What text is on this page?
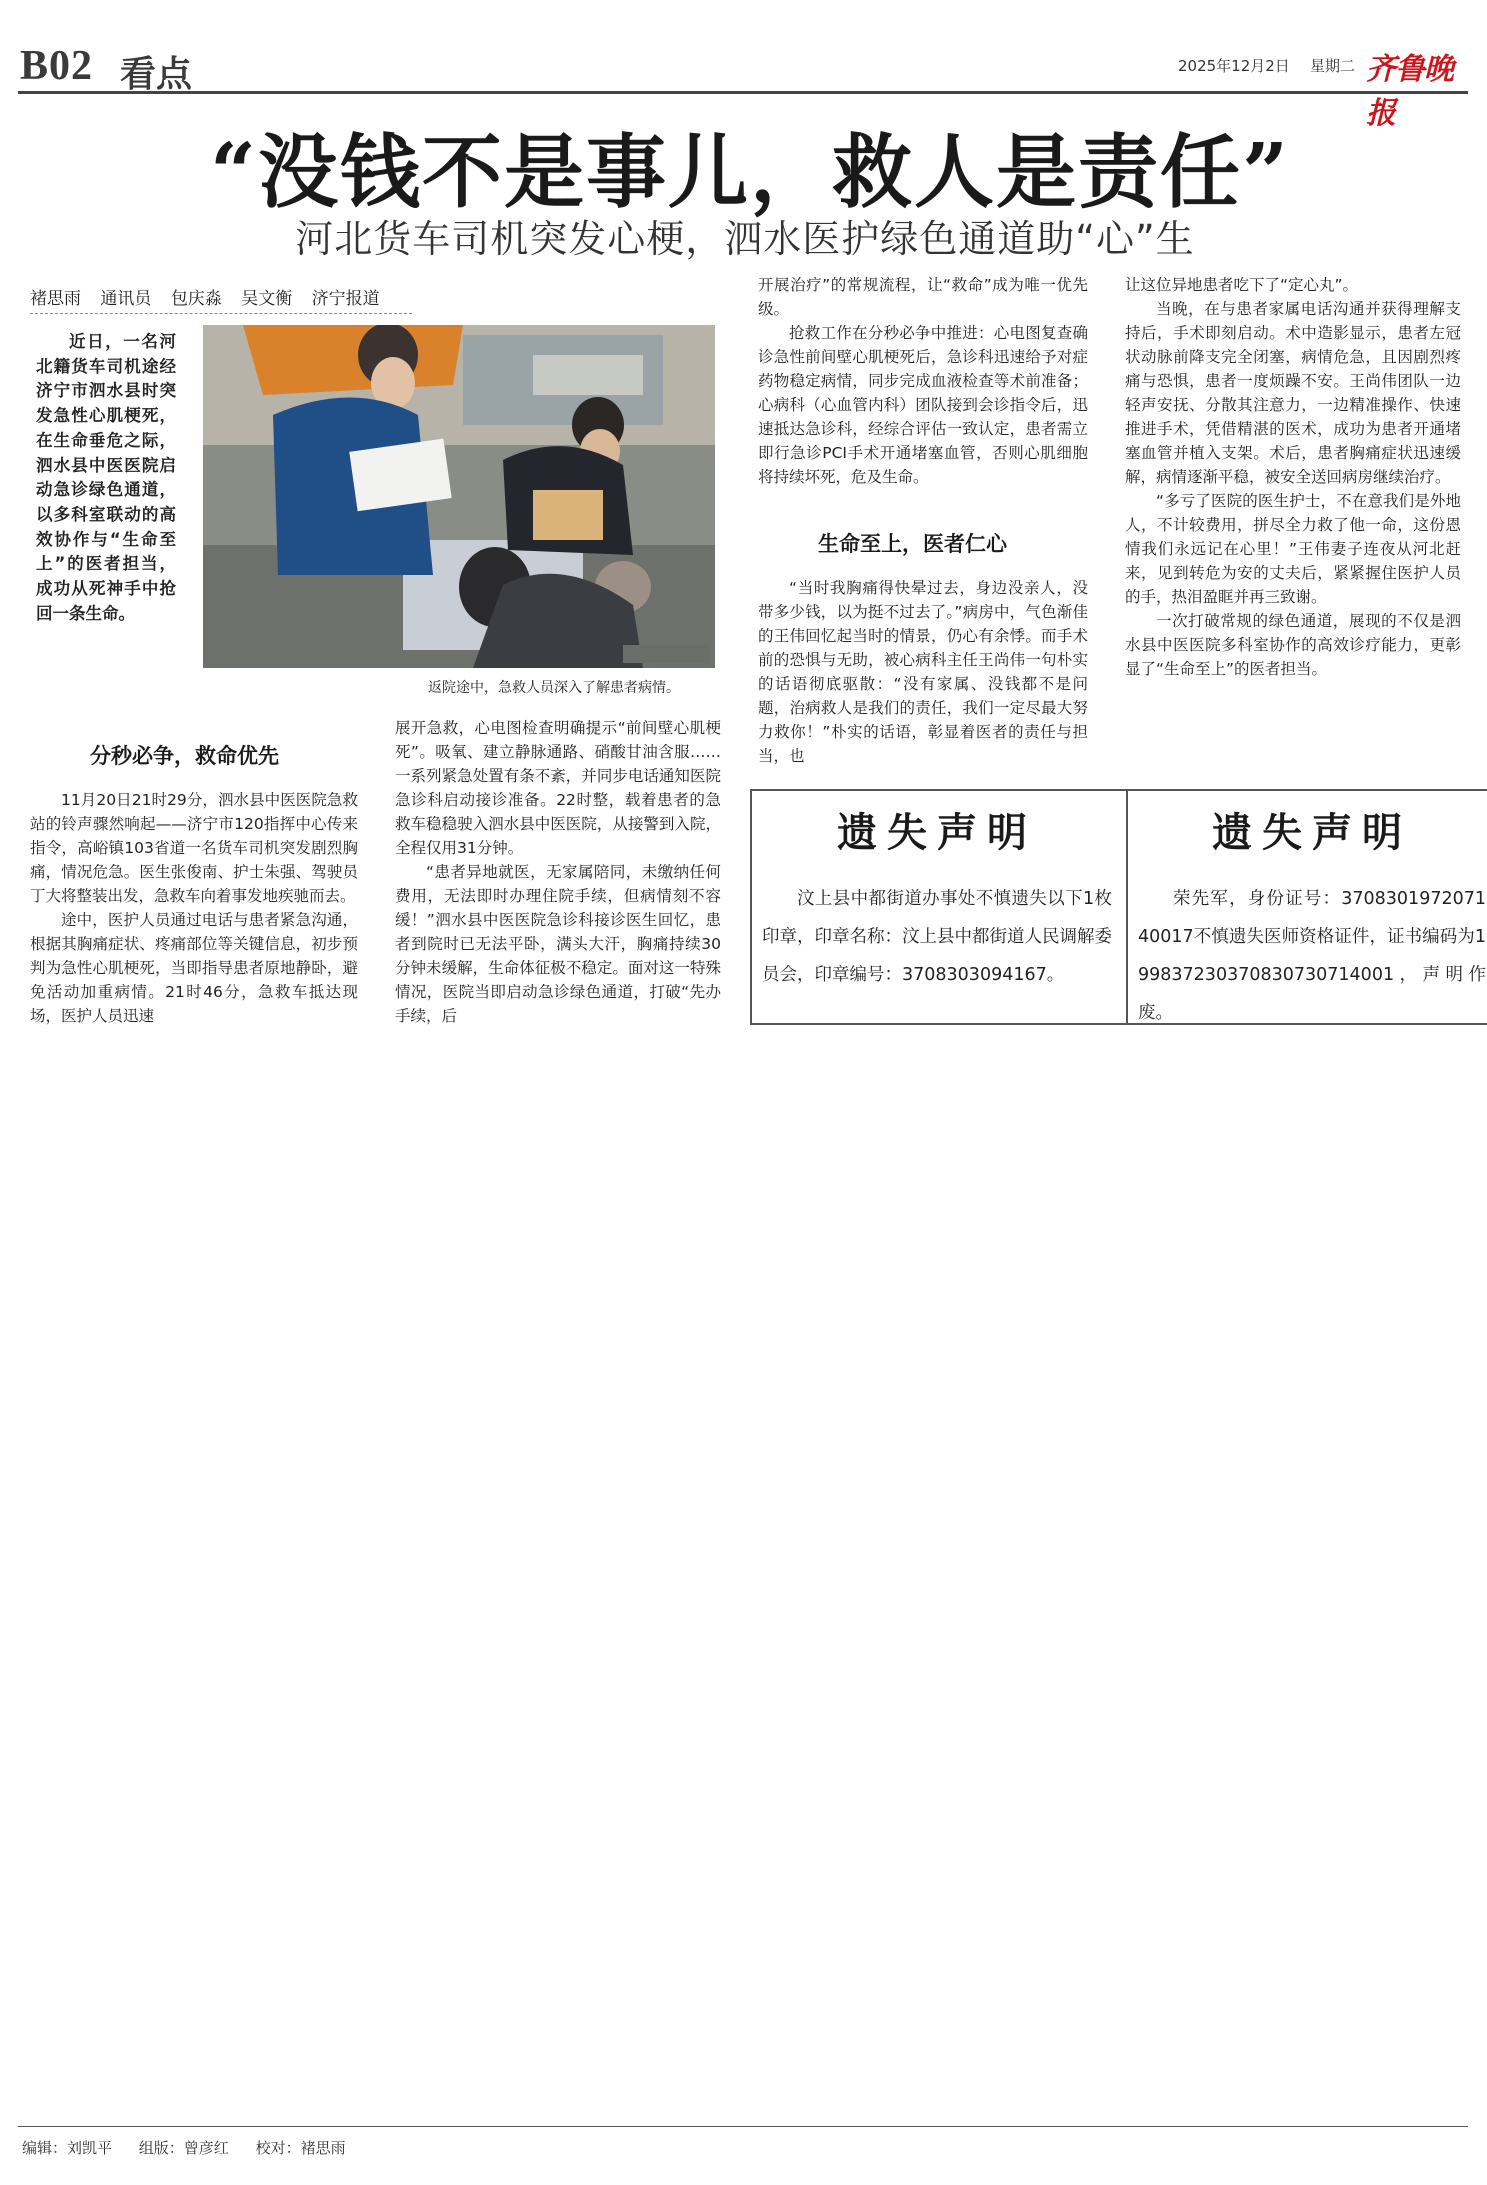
B02 看点	2025年12月2日 星期二 齐鲁晚报
“没钱不是事儿，救人是责任”
河北货车司机突发心梗，泗水医护绿色通道助“心”生
褚思雨 通讯员 包庆淼 吴文衡 济宁报道
近日，一名河北籍货车司机途经济宁市泗水县时突发急性心肌梗死，在生命垂危之际，泗水县中医医院启动急诊绿色通道，以多科室联动的高效协作与“生命至上”的医者担当，成功从死神手中抢回一条生命。
返院途中，急救人员深入了解患者病情。
分秒必争，救命优先

11月20日21时29分，泗水县中医医院急救站的铃声骤然响起——济宁市120指挥中心传来指令，高峪镇103省道一名货车司机突发剧烈胸痛，情况危急。医生张俊南、护士朱强、驾驶员丁大将整装出发，急救车向着事发地疾驰而去。

途中，医护人员通过电话与患者紧急沟通，根据其胸痛症状、疼痛部位等关键信息，初步预判为急性心肌梗死，当即指导患者原地静卧，避免活动加重病情。21时46分，急救车抵达现场，医护人员迅速

展开急救，心电图检查明确提示“前间壁心肌梗死”。吸氧、建立静脉通路、硝酸甘油含服……一系列紧急处置有条不紊，并同步电话通知医院急诊科启动接诊准备。22时整，载着患者的急救车稳稳驶入泗水县中医医院，从接警到入院，全程仅用31分钟。

“患者异地就医，无家属陪同，未缴纳任何费用，无法即时办理住院手续，但病情刻不容缓！”泗水县中医医院急诊科接诊医生回忆，患者到院时已无法平卧，满头大汗，胸痛持续30分钟未缓解，生命体征极不稳定。面对这一特殊情况，医院当即启动急诊绿色通道，打破“先办手续，后

开展治疗”的常规流程，让“救命”成为唯一优先级。

抢救工作在分秒必争中推进：心电图复查确诊急性前间壁心肌梗死后，急诊科迅速给予对症药物稳定病情，同步完成血液检查等术前准备；心病科（心血管内科）团队接到会诊指令后，迅速抵达急诊科，经综合评估一致认定，患者需立即行急诊PCI手术开通堵塞血管，否则心肌细胞将持续坏死，危及生命。

生命至上，医者仁心

“当时我胸痛得快晕过去，身边没亲人，没带多少钱，以为挺不过去了。”病房中，气色渐佳的王伟回忆起当时的情景，仍心有余悸。而手术前的恐惧与无助，被心病科主任王尚伟一句朴实的话语彻底驱散：“没有家属、没钱都不是问题，治病救人是我们的责任，我们一定尽最大努力救你！”朴实的话语，彰显着医者的责任与担当，也

让这位异地患者吃下了“定心丸”。

当晚，在与患者家属电话沟通并获得理解支持后，手术即刻启动。术中造影显示，患者左冠状动脉前降支完全闭塞，病情危急，且因剧烈疼痛与恐惧，患者一度烦躁不安。王尚伟团队一边轻声安抚、分散其注意力，一边精准操作、快速推进手术，凭借精湛的医术，成功为患者开通堵塞血管并植入支架。术后，患者胸痛症状迅速缓解，病情逐渐平稳，被安全送回病房继续治疗。

“多亏了医院的医生护士，不在意我们是外地人，不计较费用，拼尽全力救了他一命，这份恩情我们永远记在心里！”王伟妻子连夜从河北赶来，见到转危为安的丈夫后，紧紧握住医护人员的手，热泪盈眶并再三致谢。

一次打破常规的绿色通道，展现的不仅是泗水县中医医院多科室协作的高效诊疗能力，更彰显了“生命至上”的医者担当。

遗失声明
汶上县中都街道办事处不慎遗失以下1枚印章，印章名称：汶上县中都街道人民调解委员会，印章编号：3708303094167。
遗失声明
荣先军，身份证号：370830197207140017不慎遗失医师资格证件，证书编码为199837230370830730714001，声明作废。
编辑：刘凯平 组版：曾彦红 校对：褚思雨
